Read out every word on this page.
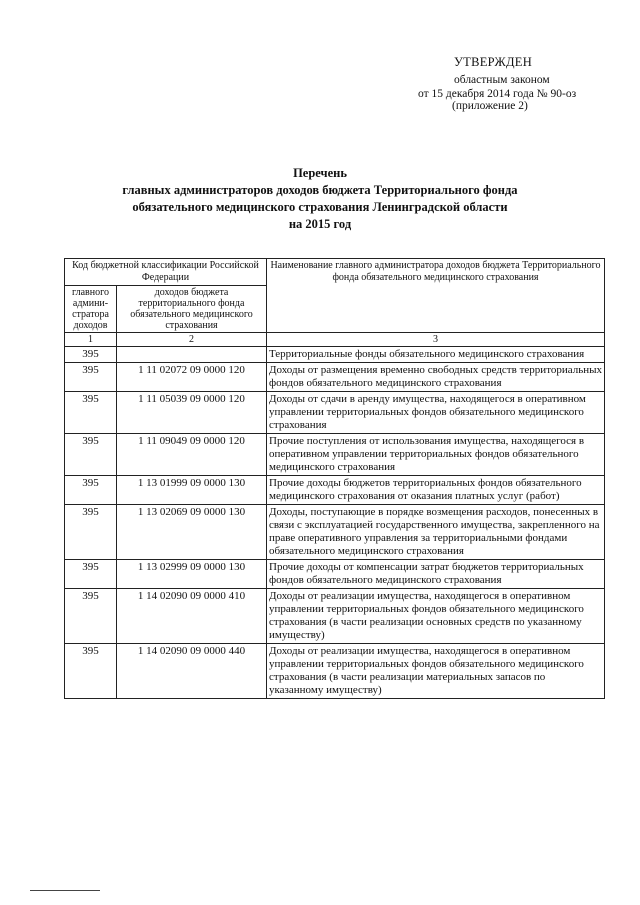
УТВЕРЖДЕН
областным законом
от 15 декабря 2014 года № 90-оз
(приложение 2)
Перечень
главных администраторов доходов бюджета Территориального фонда
обязательного медицинского страхования Ленинградской области
на 2015 год
Код бюджетной классификации Российской Федерации		Наименование главного администратора доходов бюджета Территориального фонда обязательного медицинского страхования
главного админи-стратора доходов	доходов бюджета территориального фонда обязательного медицинского страхования	
1	2	3
395		Территориальные фонды обязательного медицинского страхования
395	1 11 02072 09 0000 120	Доходы от размещения временно свободных средств территориальных фондов обязательного медицинского страхования
395	1 11 05039 09 0000 120	Доходы от сдачи в аренду имущества, находящегося в оперативном управлении территориальных фондов обязательного медицинского страхования
395	1 11 09049 09 0000 120	Прочие поступления от использования имущества, находящегося в оперативном управлении территориальных фондов обязательного медицинского страхования
395	1 13 01999 09 0000 130	Прочие доходы бюджетов территориальных фондов обязательного медицинского страхования от оказания платных услуг (работ)
395	1 13 02069 09 0000 130	Доходы, поступающие в порядке возмещения расходов, понесенных в связи с эксплуатацией государственного имущества, закрепленного на праве оперативного управления за территориальными фондами обязательного медицинского страхования
395	1 13 02999 09 0000 130	Прочие доходы от компенсации затрат бюджетов территориальных фондов обязательного медицинского страхования
395	1 14 02090 09 0000 410	Доходы от реализации имущества, находящегося в оперативном управлении территориальных фондов обязательного медицинского страхования (в части реализации основных средств по указанному имуществу)
395	1 14 02090 09 0000 440	Доходы от реализации имущества, находящегося в оперативном управлении территориальных фондов обязательного медицинского страхования (в части реализации материальных запасов по указанному имуществу)
